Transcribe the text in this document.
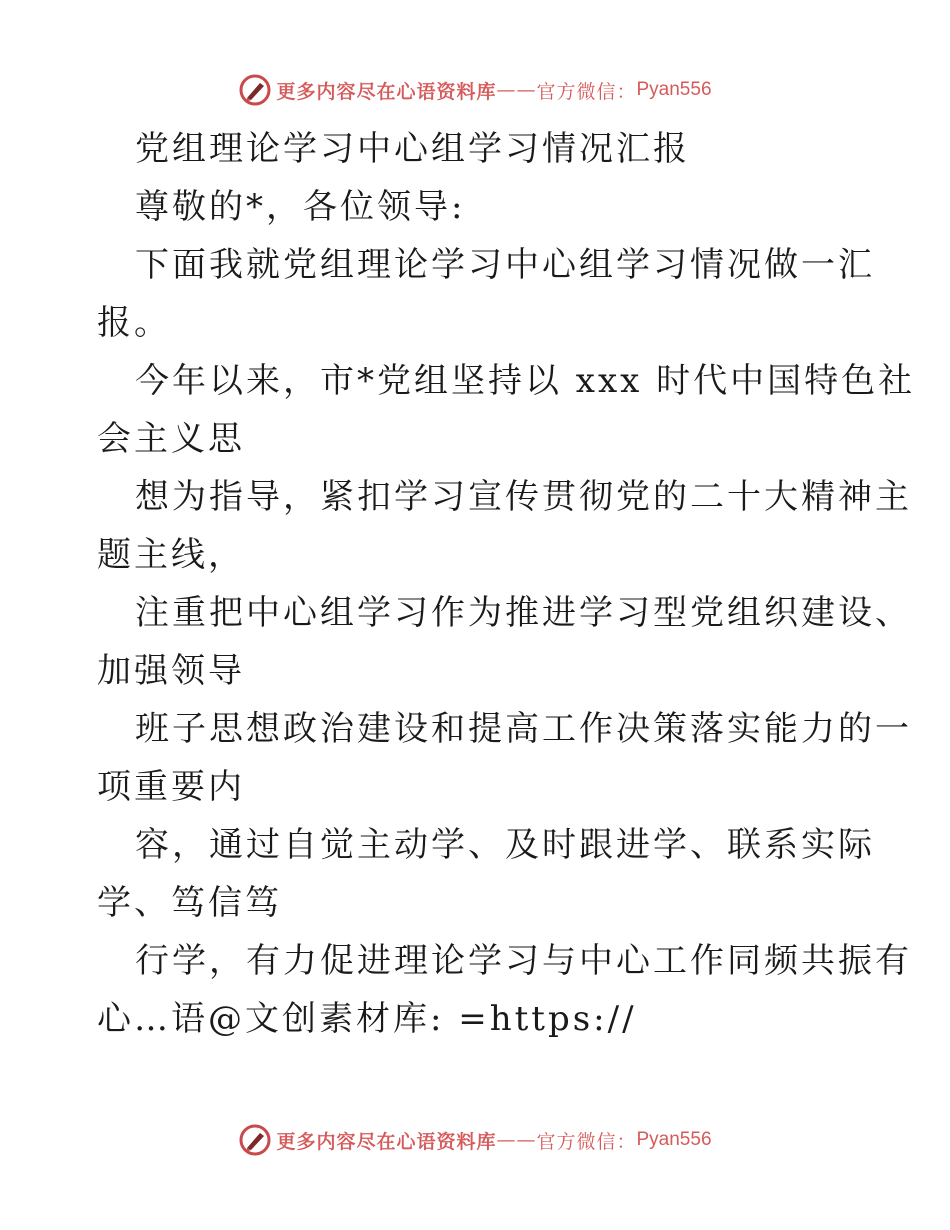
更多内容尽在心语资料库 —— 官方微信： Pyan556
党组理论学习中心组学习情况汇报
尊敬的*，各位领导:
下面我就党组理论学习中心组学习情况做一汇
报。
今年以来，市*党组坚持以 xxx 时代中国特色社
会主义思
想为指导，紧扣学习宣传贯彻党的二十大精神主
题主线，
注重把中心组学习作为推进学习型党组织建设、
加强领导
班子思想政治建设和提高工作决策落实能力的一
项重要内
容，通过自觉主动学、及时跟进学、联系实际
学、笃信笃
行学，有力促进理论学习与中心工作同频共振有
心…语@文创素材库: =https://
更多内容尽在心语资料库 —— 官方微信： Pyan556
